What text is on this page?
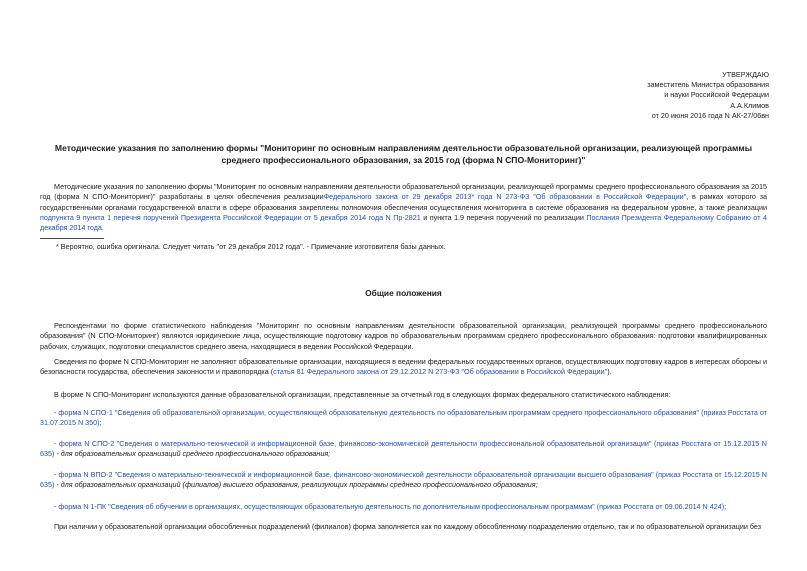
УТВЕРЖДАЮ
заместитель Министра образования
и науки Российской Федерации
А.А.Климов
от 20 июня 2016 года N АК-27/06вн
Методические указания по заполнению формы "Мониторинг по основным направлениям деятельности образовательной организации, реализующей программы среднего профессионального образования, за 2015 год (форма N СПО-Мониторинг)"
Методические указания по заполнению формы "Мониторинг по основным направлениям деятельности образовательной организации, реализующей программы среднего профессионального образования за 2015 год (форма N СПО-Мониторинг)" разработаны в целях обеспечения реализацииФедерального закона от 29 декабря 2013* года N 273-ФЗ "Об образовании в Российской Федерации", в рамках которого за государственными органами государственной власти в сфере образования закреплены полномочия обеспечения осуществления мониторинга в системе образования на федеральном уровне, а также реализации подпункта 9 пункта 1 перечня поручений Президента Российской Федерации от 5 декабря 2014 года N Пр-2821 и пункта 1.9 перечня поручений по реализации Послания Президента Федеральному Собранию от 4 декабря 2014 года.
* Вероятно, ошибка оригинала. Следует читать "от 29 декабря 2012 года". - Примечание изготовителя базы данных.
Общие положения
Респондентами по форме статистического наблюдения "Мониторинг по основным направлениям деятельности образовательной организации, реализующей программы среднего профессионального образования" (N СПО-Мониторинг) являются юридические лица, осуществляющие подготовку кадров по образовательным программам среднего профессионального образования: подготовки квалифицированных рабочих, служащих, подготовки специалистов среднего звена, находящиеся в ведении Российской Федерации.
Сведения по форме N СПО-Мониторинг не заполняют образовательные организации, находящиеся в ведении федеральных государственных органов, осуществляющих подготовку кадров в интересах обороны и безопасности государства, обеспечения законности и правопорядка (статья 81 Федерального закона от 29.12.2012 N 273-ФЗ "Об образовании в Российской Федерации").
В форме N СПО-Мониторинг используются данные образовательной организации, представленные за отчетный год в следующих формах федерального статистического наблюдения:
- форма N СПО-1 "Сведения об образовательной организации, осуществляющей образовательную деятельность по образовательным программам среднего профессионального образования" (приказ Росстата от 31.07.2015 N 350);
- форма N СПО-2 "Сведения о материально-технической и информационной базе, финансово-экономической деятельности профессиональной образовательной организации" (приказ Росстата от 15.12.2015 N 635) - для образовательных организаций среднего профессионального образования;
- форма N ВПО-2 "Сведения о материально-технической и информационной базе, финансово-экономической деятельности образовательной организации высшего образования" (приказ Росстата от 15.12.2015 N 635) - для образовательных организаций (филиалов) высшего образования, реализующих программы среднего профессионального образования;
- форма N 1-ПК "Сведения об обучении в организациях, осуществляющих образовательную деятельность по дополнительным профессиональным программам" (приказ Росстата от 09.06.2014 N 424);
При наличии у образовательной организации обособленных подразделений (филиалов) форма заполняется как по каждому обособленному подразделению отдельно, так и по образовательной организации без
